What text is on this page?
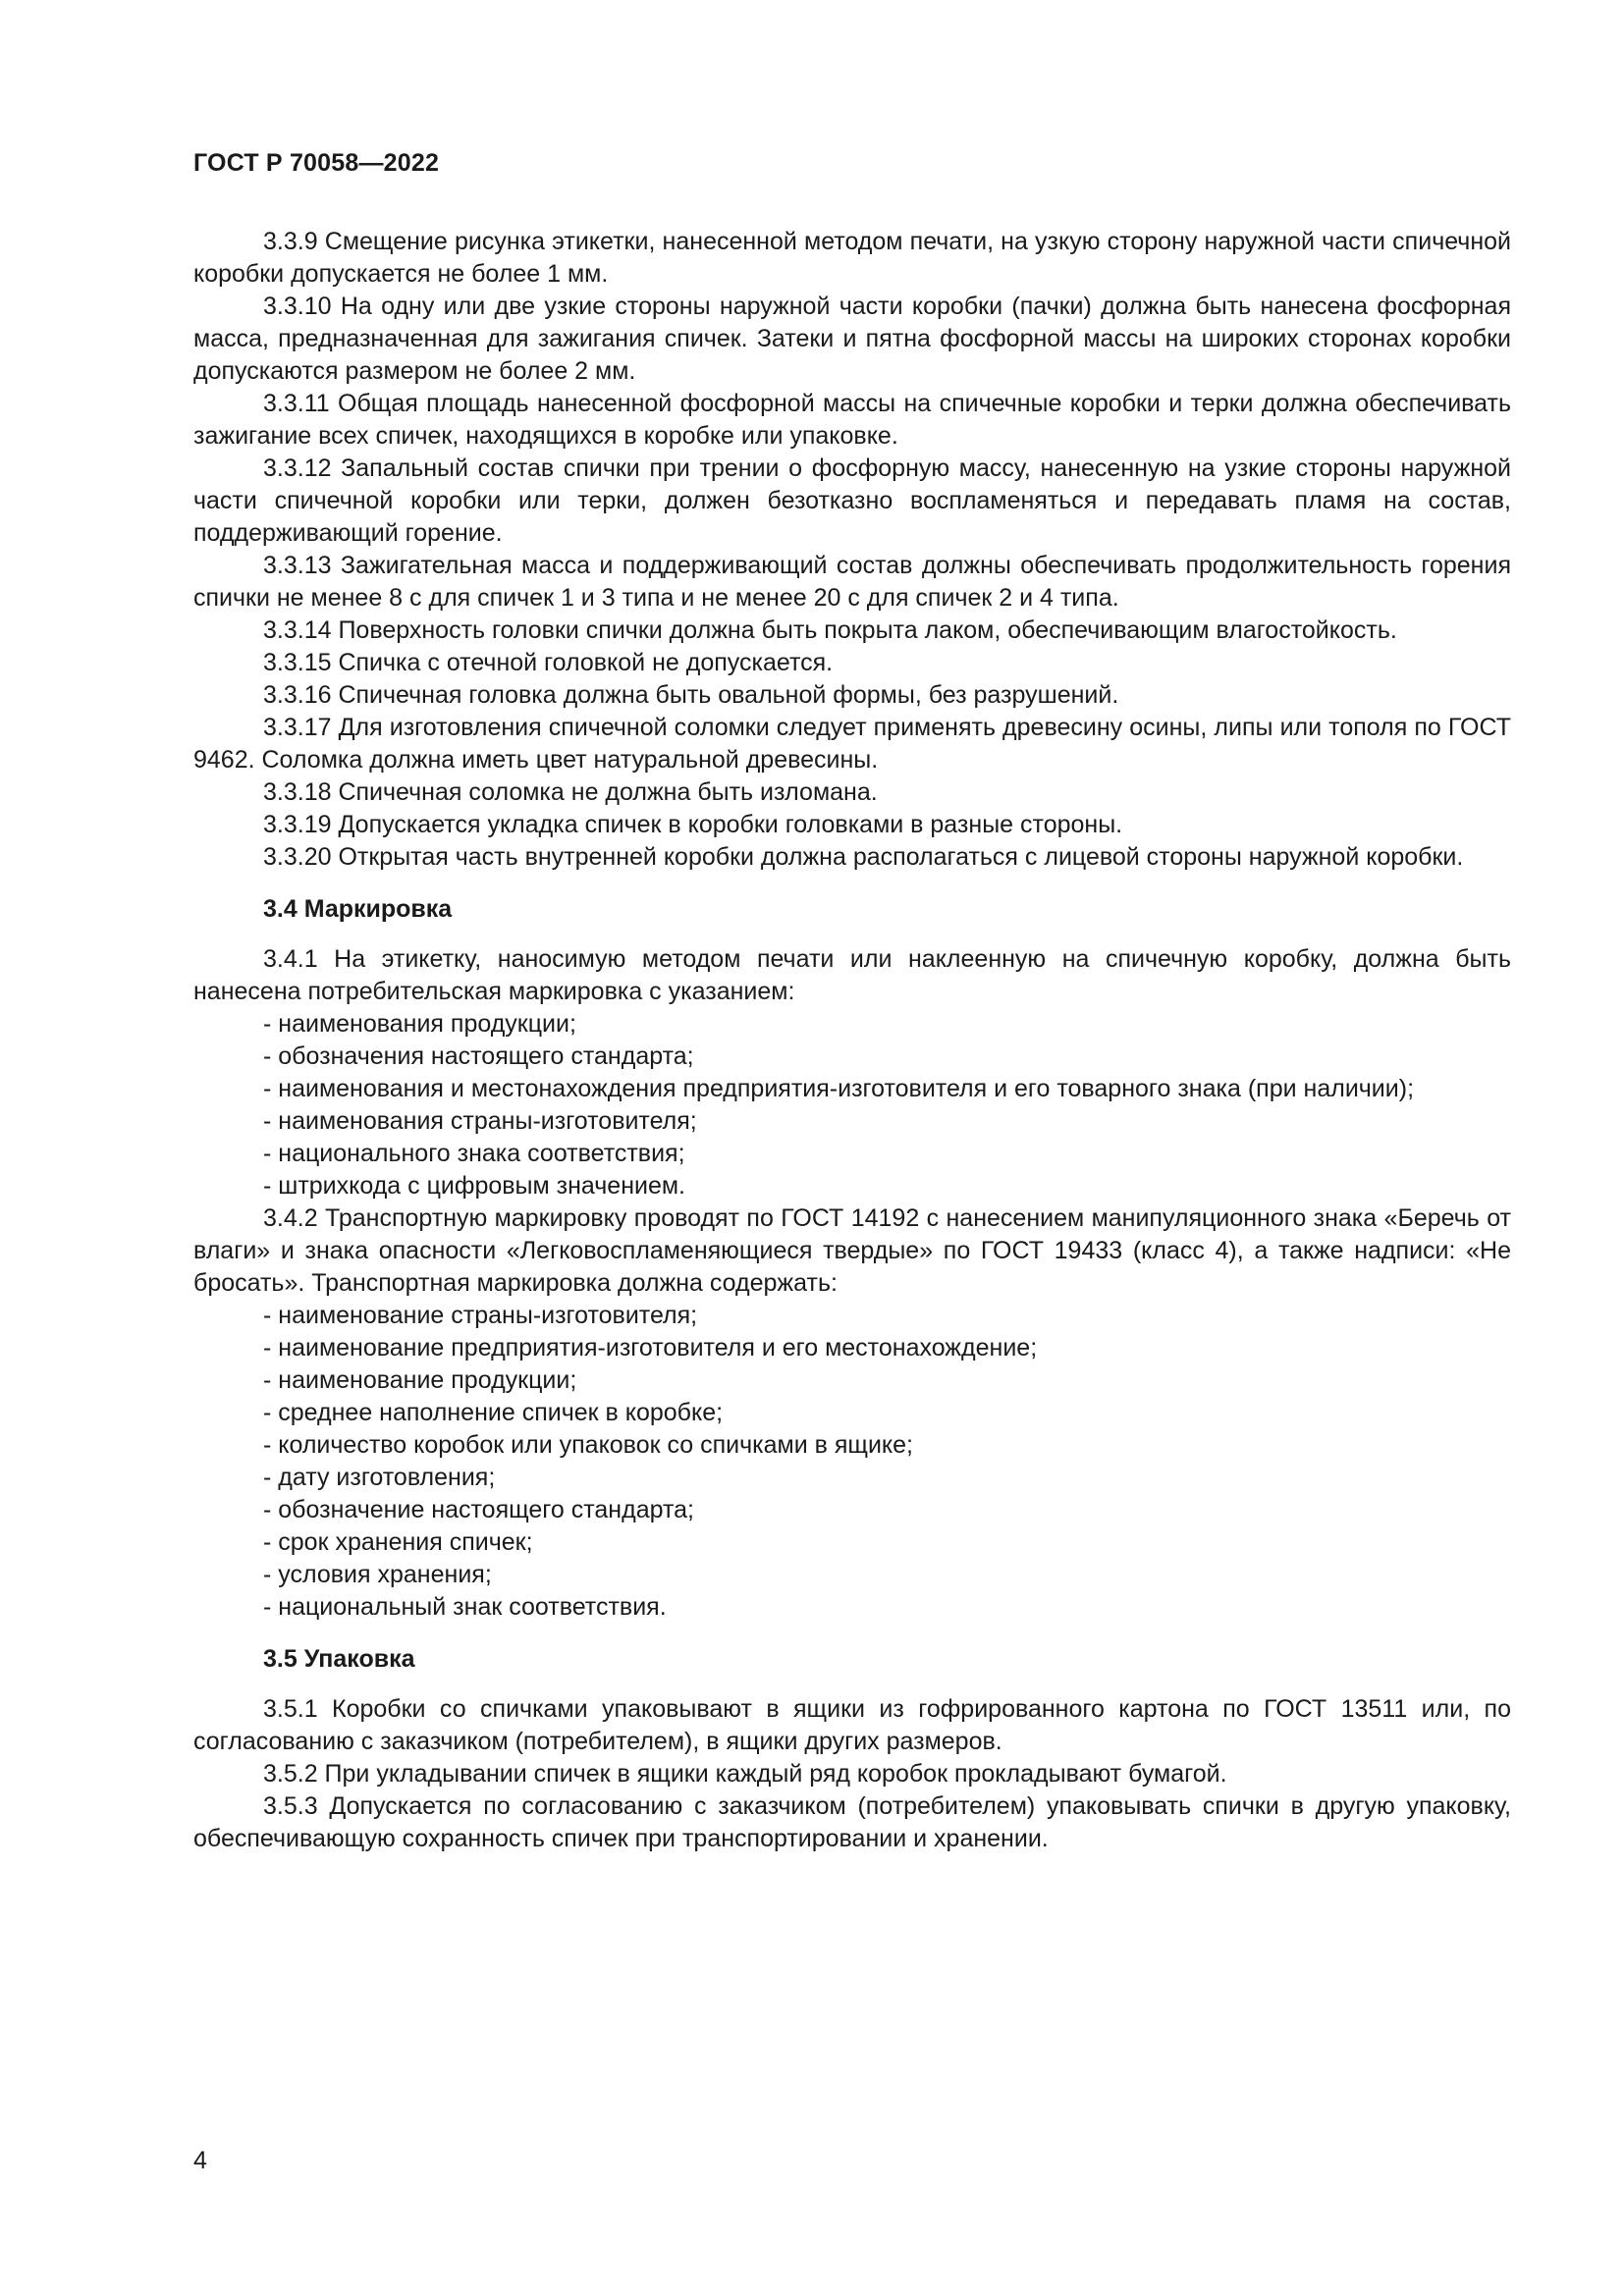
ГОСТ Р 70058—2022

3.3.9 Смещение рисунка этикетки, нанесенной методом печати, на узкую сторону наружной части спичечной коробки допускается не более 1 мм.

3.3.10 На одну или две узкие стороны наружной части коробки (пачки) должна быть нанесена фосфорная масса, предназначенная для зажигания спичек. Затеки и пятна фосфорной массы на широких сторонах коробки допускаются размером не более 2 мм.

3.3.11 Общая площадь нанесенной фосфорной массы на спичечные коробки и терки должна обеспечивать зажигание всех спичек, находящихся в коробке или упаковке.

3.3.12 Запальный состав спички при трении о фосфорную массу, нанесенную на узкие стороны наружной части спичечной коробки или терки, должен безотказно воспламеняться и передавать пламя на состав, поддерживающий горение.

3.3.13 Зажигательная масса и поддерживающий состав должны обеспечивать продолжительность горения спички не менее 8 с для спичек 1 и 3 типа и не менее 20 с для спичек 2 и 4 типа.

3.3.14 Поверхность головки спички должна быть покрыта лаком, обеспечивающим влагостойкость.

3.3.15 Спичка с отечной головкой не допускается.

3.3.16 Спичечная головка должна быть овальной формы, без разрушений.

3.3.17 Для изготовления спичечной соломки следует применять древесину осины, липы или тополя по ГОСТ 9462. Соломка должна иметь цвет натуральной древесины.

3.3.18 Спичечная соломка не должна быть изломана.

3.3.19 Допускается укладка спичек в коробки головками в разные стороны.

3.3.20 Открытая часть внутренней коробки должна располагаться с лицевой стороны наружной коробки.

3.4 Маркировка

3.4.1 На этикетку, наносимую методом печати или наклеенную на спичечную коробку, должна быть нанесена потребительская маркировка с указанием:

- наименования продукции;

- обозначения настоящего стандарта;

- наименования и местонахождения предприятия-изготовителя и его товарного знака (при наличии);

- наименования страны-изготовителя;

- национального знака соответствия;

- штрихкода с цифровым значением.

3.4.2 Транспортную маркировку проводят по ГОСТ 14192 с нанесением манипуляционного знака «Беречь от влаги» и знака опасности «Легковоспламеняющиеся твердые» по ГОСТ 19433 (класс 4), а также надписи: «Не бросать». Транспортная маркировка должна содержать:

- наименование страны-изготовителя;

- наименование предприятия-изготовителя и его местонахождение;

- наименование продукции;

- среднее наполнение спичек в коробке;

- количество коробок или упаковок со спичками в ящике;

- дату изготовления;

- обозначение настоящего стандарта;

- срок хранения спичек;

- условия хранения;

- национальный знак соответствия.

3.5 Упаковка

3.5.1 Коробки со спичками упаковывают в ящики из гофрированного картона по ГОСТ 13511 или, по согласованию с заказчиком (потребителем), в ящики других размеров.

3.5.2 При укладывании спичек в ящики каждый ряд коробок прокладывают бумагой.

3.5.3 Допускается по согласованию с заказчиком (потребителем) упаковывать спички в другую упаковку, обеспечивающую сохранность спичек при транспортировании и хранении.

4
